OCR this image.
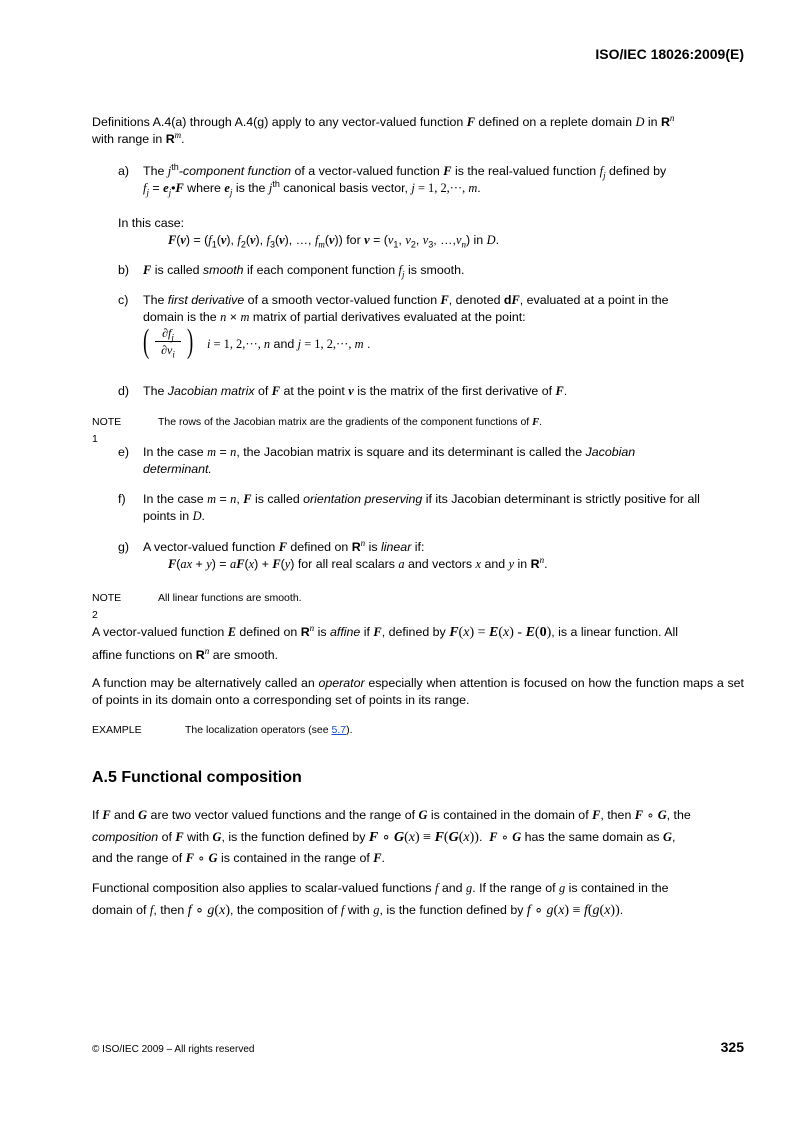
ISO/IEC 18026:2009(E)
Definitions A.4(a) through A.4(g) apply to any vector-valued function F defined on a replete domain D in $R^n$
with range in $R^m$.
a)	The $j^{th}$-component function of a vector-valued function F is the real-valued function $f_j$ defined by
$f_j$ = $e_j•F$ where $e_j$ is the $j^{th}$ canonical basis vector, j = 1, 2,···, m.
In this case:
$F(v) = (f_1(v)$, $f_2(v)$, $f_3(v)$, …, $f_m(v)$) for $v = (v_1$, $v_2$, $v_3$, $\dots,v_n$) in D.
b)	F is called smooth if each component function $f_j$ is smooth.
c)	The first derivative of a smooth vector-valued function F, denoted dF, evaluated at a point in the
domain is the n × m matrix of partial derivatives evaluated at the point:
(	$\partial f_j$
$\partial v_i$ ) i = 1, 2,···, n and j = 1, 2,···, m .
d)	The Jacobian matrix of F at the point v is the matrix of the first derivative of F.
NOTE 1
The rows of the Jacobian matrix are the gradients of the component functions of F.
e)	In the case m = n, the Jacobian matrix is square and its determinant is called the Jacobian
determinant.
f)	In the case m = n, F is called orientation preserving if its Jacobian determinant is strictly positive for all
points in D.
g)	A vector-valued function F defined on $R^n$ is linear if:
F(ax + y) = aF(x) + F(y) for all real scalars a and vectors x and y in $R^n$.
NOTE 2
All linear functions are smooth.
A vector-valued function E defined on $R^n$ is affine if F, defined by F(x) = E(x) - E(0), is a linear function. All
affine functions on $R^n$ are smooth.
A function may be alternatively called an operator especially when attention is focused on how the function maps a set of points in its domain onto a corresponding set of points in its range.
EXAMPLE	The localization operators (see 5.7).
A.5 Functional composition
If F and G are two vector valued functions and the range of G is contained in the domain of F, then F ∘ G, the
composition of F with G, is the function defined by F ∘ G(x) ≡ F(G(x)).  F ∘ G has the same domain as G,
and the range of F ∘ G is contained in the range of F.
Functional composition also applies to scalar-valued functions f and g. If the range of g is contained in the
domain of f, then f ∘ g(x), the composition of f with g, is the function defined by f ∘ g(x) ≡ f(g(x)).
© ISO/IEC 2009 – All rights reserved	325
